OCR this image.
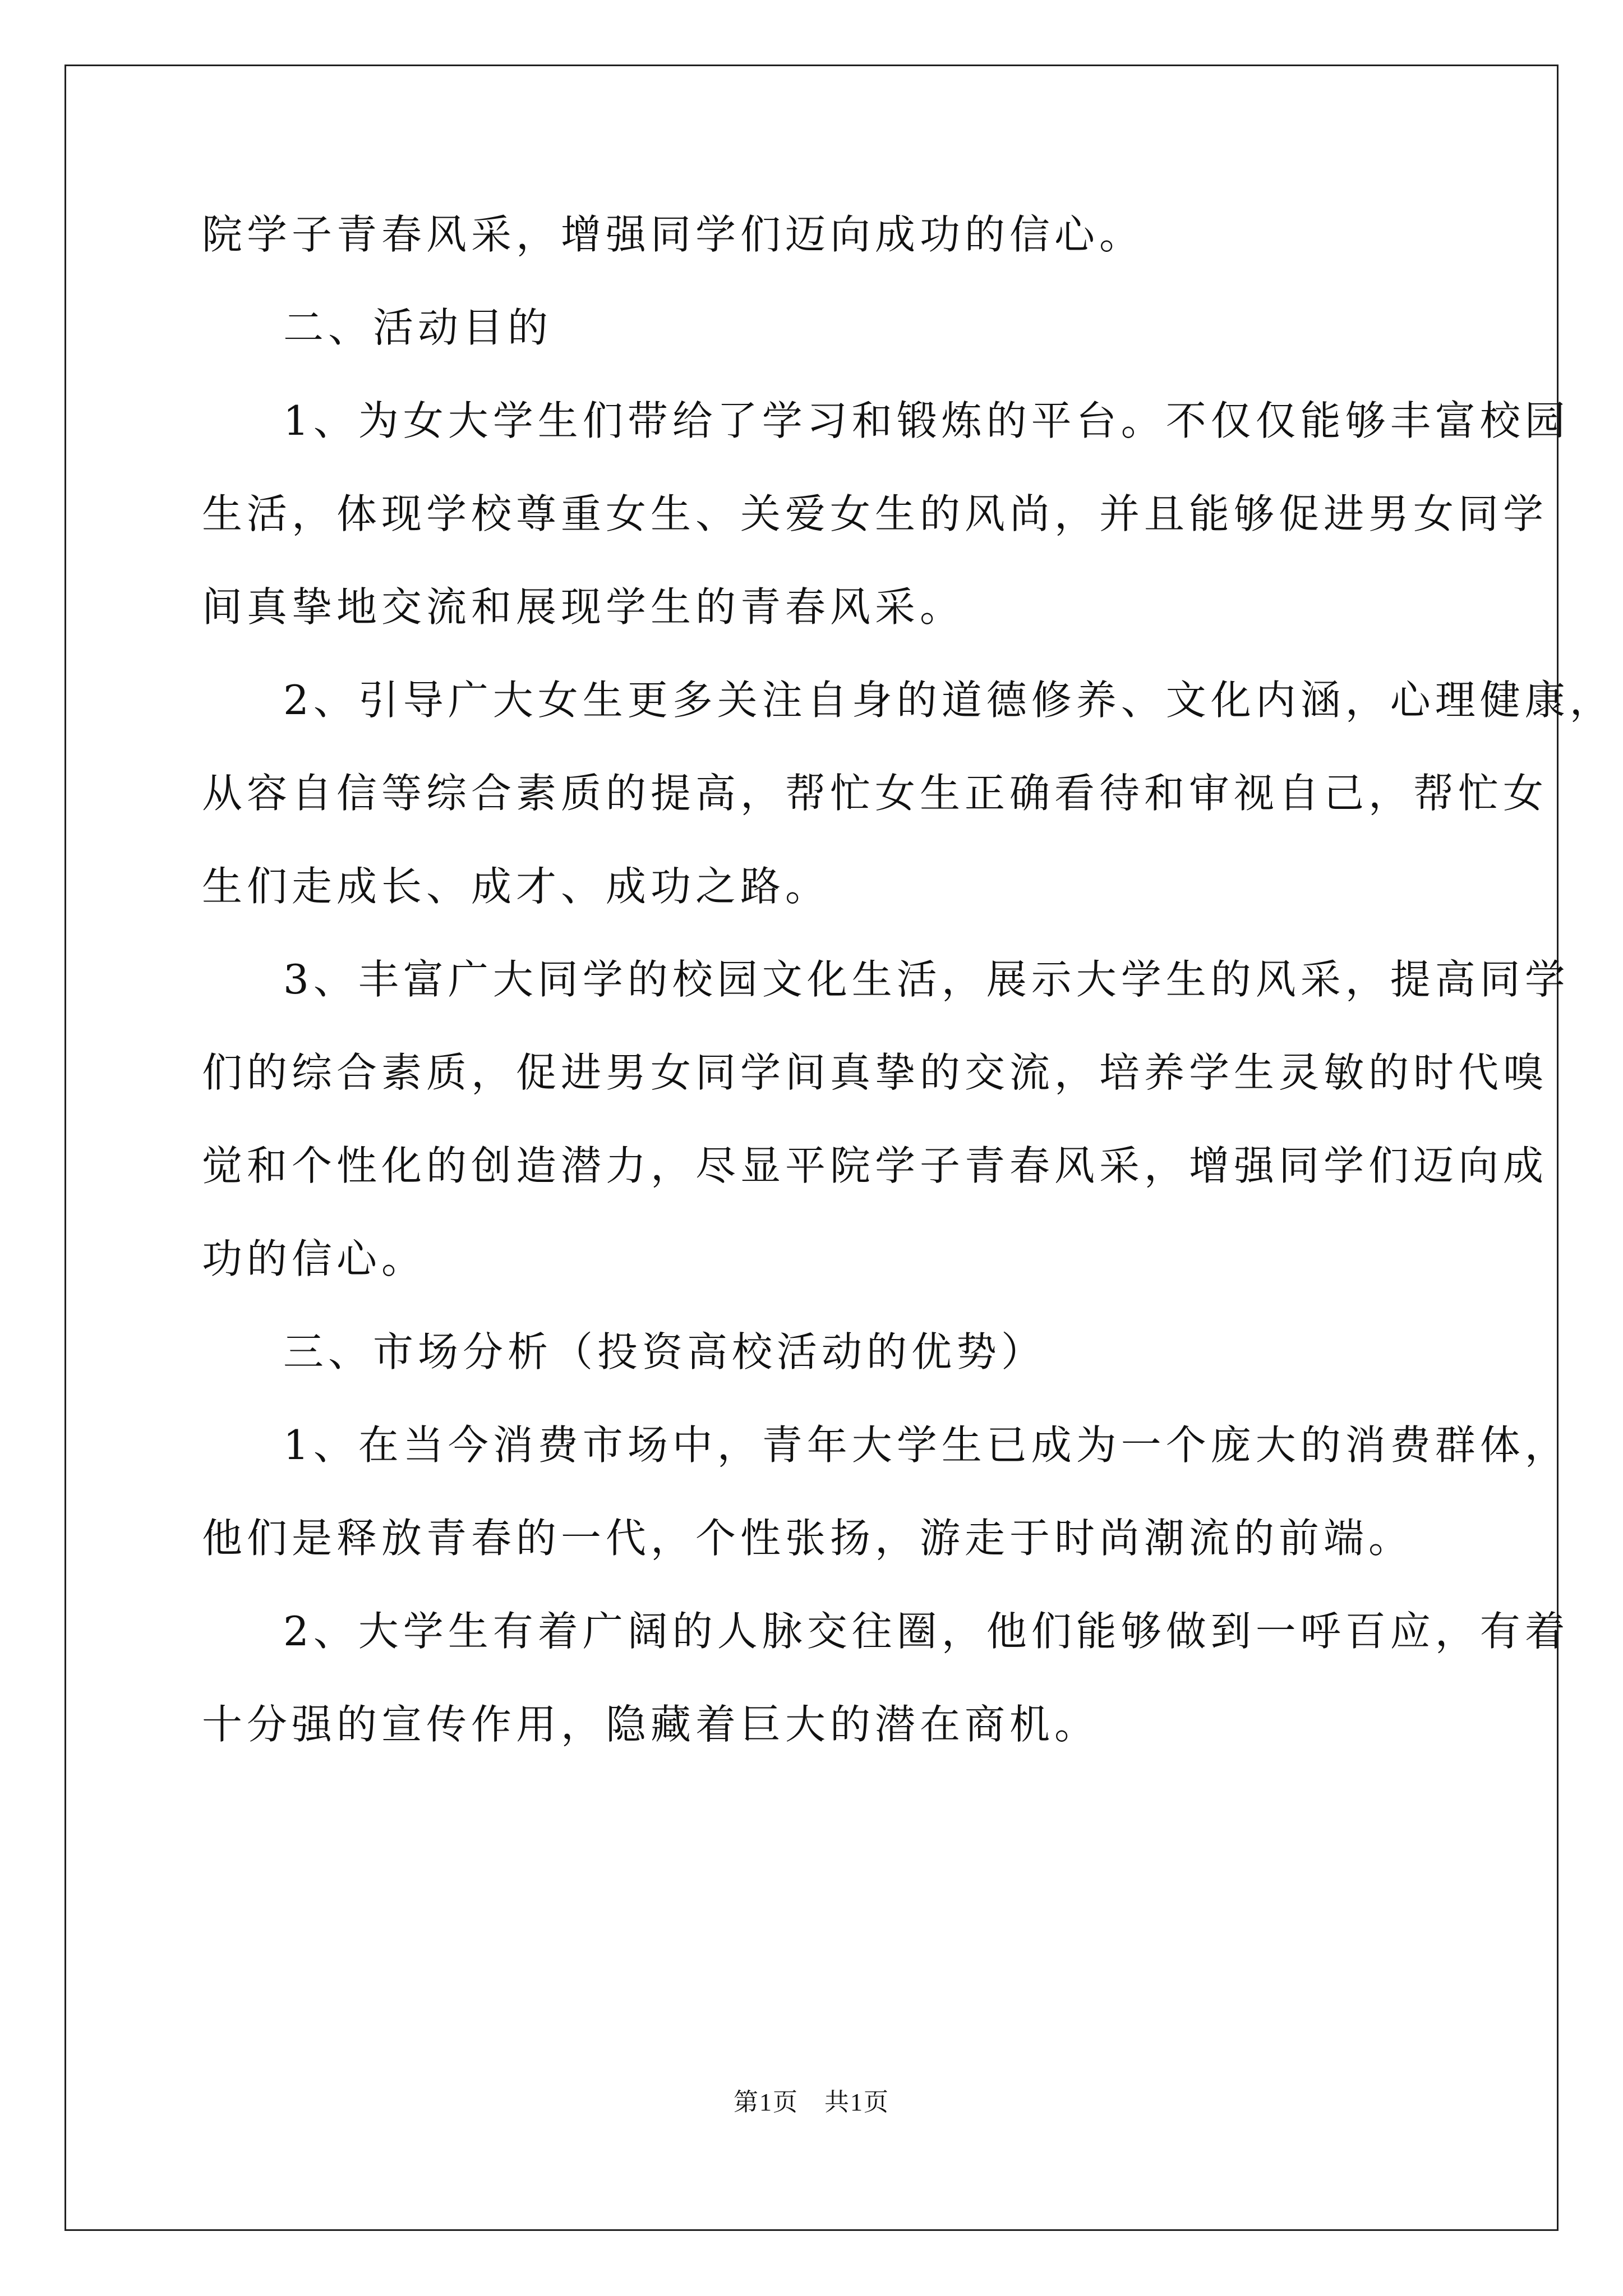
院学子青春风采，增强同学们迈向成功的信心。
二、活动目的
1、为女大学生们带给了学习和锻炼的平台。不仅仅能够丰富校园
生活，体现学校尊重女生、关爱女生的风尚，并且能够促进男女同学
间真挚地交流和展现学生的青春风采。
2、引导广大女生更多关注自身的道德修养、文化内涵，心理健康，
从容自信等综合素质的提高，帮忙女生正确看待和审视自己，帮忙女
生们走成长、成才、成功之路。
3、丰富广大同学的校园文化生活，展示大学生的风采，提高同学
们的综合素质，促进男女同学间真挚的交流，培养学生灵敏的时代嗅
觉和个性化的创造潜力，尽显平院学子青春风采，增强同学们迈向成
功的信心。
三、市场分析（投资高校活动的优势）
1、在当今消费市场中，青年大学生已成为一个庞大的消费群体，
他们是释放青春的一代，个性张扬，游走于时尚潮流的前端。
2、大学生有着广阔的人脉交往圈，他们能够做到一呼百应，有着
十分强的宣传作用，隐藏着巨大的潜在商机。
第1页　共1页
